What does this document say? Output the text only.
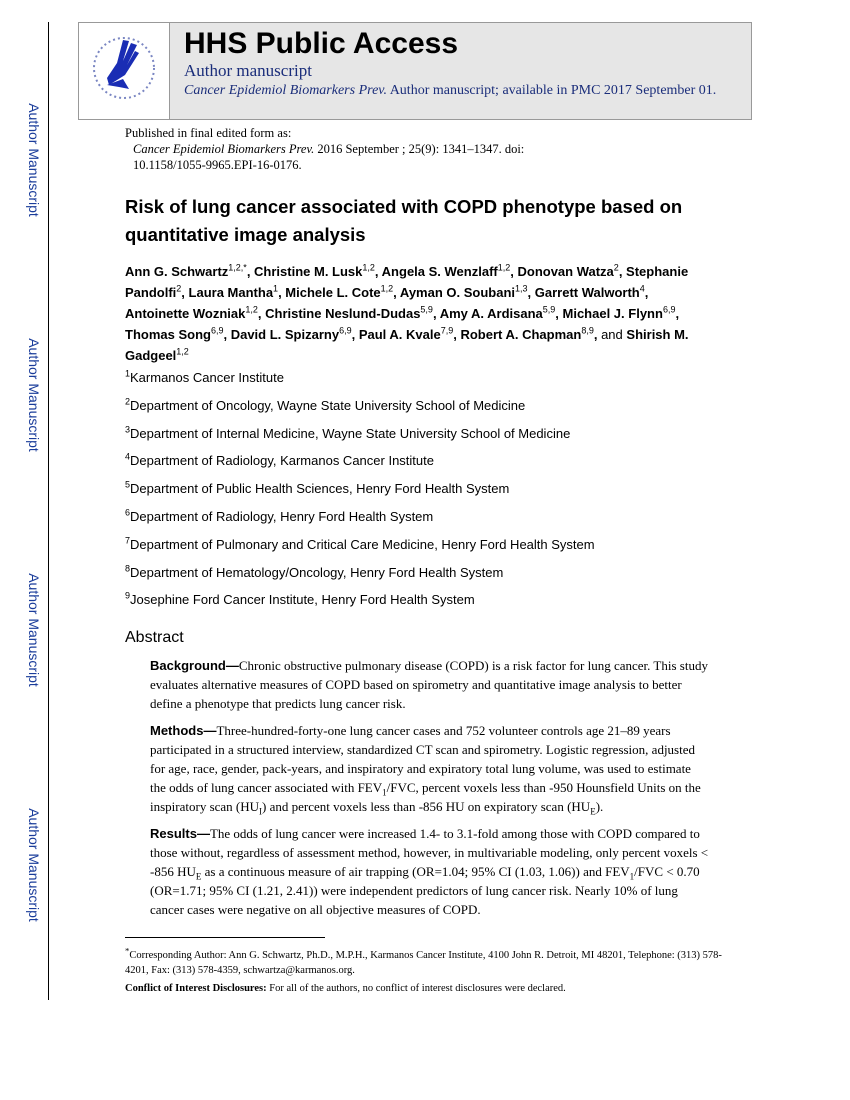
Author Manuscript
Author Manuscript
Author Manuscript
Author Manuscript
HHS Public Access
Author manuscript
Cancer Epidemiol Biomarkers Prev. Author manuscript; available in PMC 2017 September 01.
Published in final edited form as:
Cancer Epidemiol Biomarkers Prev. 2016 September ; 25(9): 1341–1347. doi:
10.1158/1055-9965.EPI-16-0176.
Risk of lung cancer associated with COPD phenotype based on quantitative image analysis
Ann G. Schwartz$^{1,2,*}$, Christine M. Lusk$^{1,2}$, Angela S. Wenzlaff$^{1,2}$, Donovan Watza$^2$, Stephanie Pandolfi$^2$, Laura Mantha$^1$, Michele L. Cote$^{1,2}$, Ayman O. Soubani$^{1,3}$, Garrett Walworth$^4$, Antoinette Wozniak$^{1,2}$, Christine Neslund-Dudas$^{5,9}$, Amy A. Ardisana$^{5,9}$, Michael J. Flynn$^{6,9}$, Thomas Song$^{6,9}$, David L. Spizarny$^{6,9}$, Paul A. Kvale$^{7,9}$, Robert A. Chapman$^{8,9}$, and Shirish M. Gadgeel$^{1,2}$
$^1$Karmanos Cancer Institute
$^2$Department of Oncology, Wayne State University School of Medicine
$^3$Department of Internal Medicine, Wayne State University School of Medicine
$^4$Department of Radiology, Karmanos Cancer Institute
$^5$Department of Public Health Sciences, Henry Ford Health System
$^6$Department of Radiology, Henry Ford Health System
$^7$Department of Pulmonary and Critical Care Medicine, Henry Ford Health System
$^8$Department of Hematology/Oncology, Henry Ford Health System
$^9$Josephine Ford Cancer Institute, Henry Ford Health System
Abstract
Background—Chronic obstructive pulmonary disease (COPD) is a risk factor for lung cancer. This study evaluates alternative measures of COPD based on spirometry and quantitative image analysis to better define a phenotype that predicts lung cancer risk.
Methods—Three-hundred-forty-one lung cancer cases and 752 volunteer controls age 21–89 years participated in a structured interview, standardized CT scan and spirometry. Logistic regression, adjusted for age, race, gender, pack-years, and inspiratory and expiratory total lung volume, was used to estimate the odds of lung cancer associated with $FEV_1$/FVC, percent voxels less than -950 Hounsfield Units on the inspiratory scan $(HU_I)$ and percent voxels less than -856 HU on expiratory scan $(HU_E)$.
Results—The odds of lung cancer were increased 1.4- to 3.1-fold among those with COPD compared to those without, regardless of assessment method, however, in multivariable modeling, only percent voxels < -856 $HU_E$ as a continuous measure of air trapping (OR=1.04; 95% CI (1.03, 1.06)) and $FEV_1$/FVC < 0.70 (OR=1.71; 95% CI (1.21, 2.41)) were independent predictors of lung cancer risk. Nearly 10% of lung cancer cases were negative on all objective measures of COPD.
*Corresponding Author: Ann G. Schwartz, Ph.D., M.P.H., Karmanos Cancer Institute, 4100 John R. Detroit, MI 48201, Telephone: (313) 578-4201, Fax: (313) 578-4359, schwartza@karmanos.org.
Conflict of Interest Disclosures: For all of the authors, no conflict of interest disclosures were declared.
